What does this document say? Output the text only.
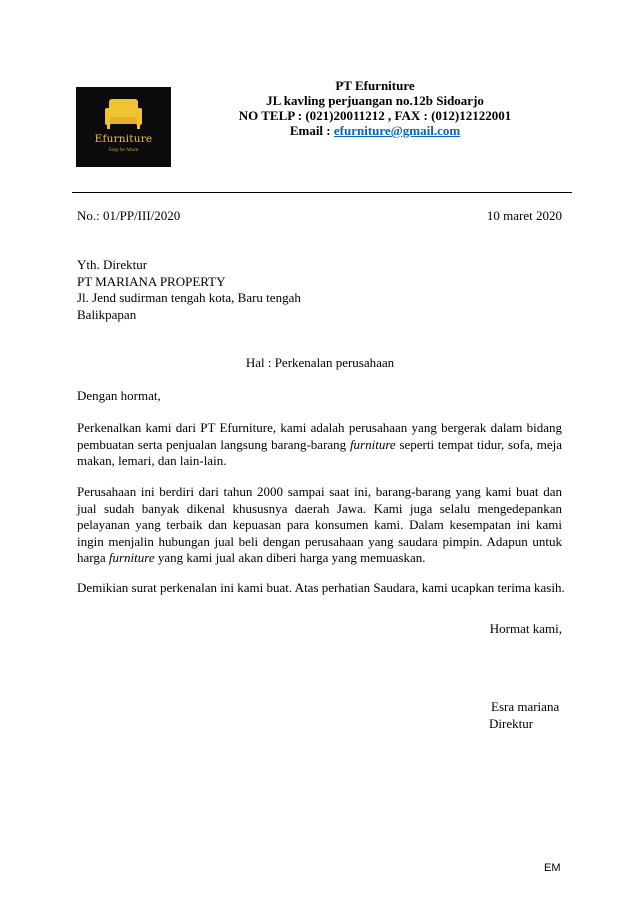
Efurniture
Cozy for future
PT Efurniture
JL kavling perjuangan no.12b Sidoarjo
NO TELP : (021)20011212 , FAX : (012)12122001
Email : efurniture@gmail.com
No.: 01/PP/III/2020	10 maret 2020
Yth. Direktur
PT MARIANA PROPERTY
Jl. Jend sudirman tengah kota, Baru tengah
Balikpapan
Hal : Perkenalan perusahaan
Dengan hormat,
Perkenalkan kami dari PT Efurniture, kami adalah perusahaan yang bergerak dalam bidang pembuatan serta penjualan langsung barang-barang furniture seperti tempat tidur, sofa, meja makan, lemari, dan lain-lain.
Perusahaan ini berdiri dari tahun 2000 sampai saat ini, barang-barang yang kami buat dan jual sudah banyak dikenal khususnya daerah Jawa. Kami juga selalu mengedepankan pelayanan yang terbaik dan kepuasan para konsumen kami. Dalam kesempatan ini kami ingin menjalin hubungan jual beli dengan perusahaan yang saudara pimpin. Adapun untuk harga furniture yang kami jual akan diberi harga yang memuaskan.
Demikian surat perkenalan ini kami buat. Atas perhatian Saudara, kami ucapkan terima kasih.
Hormat kami,
Esra mariana
Direktur
EM
